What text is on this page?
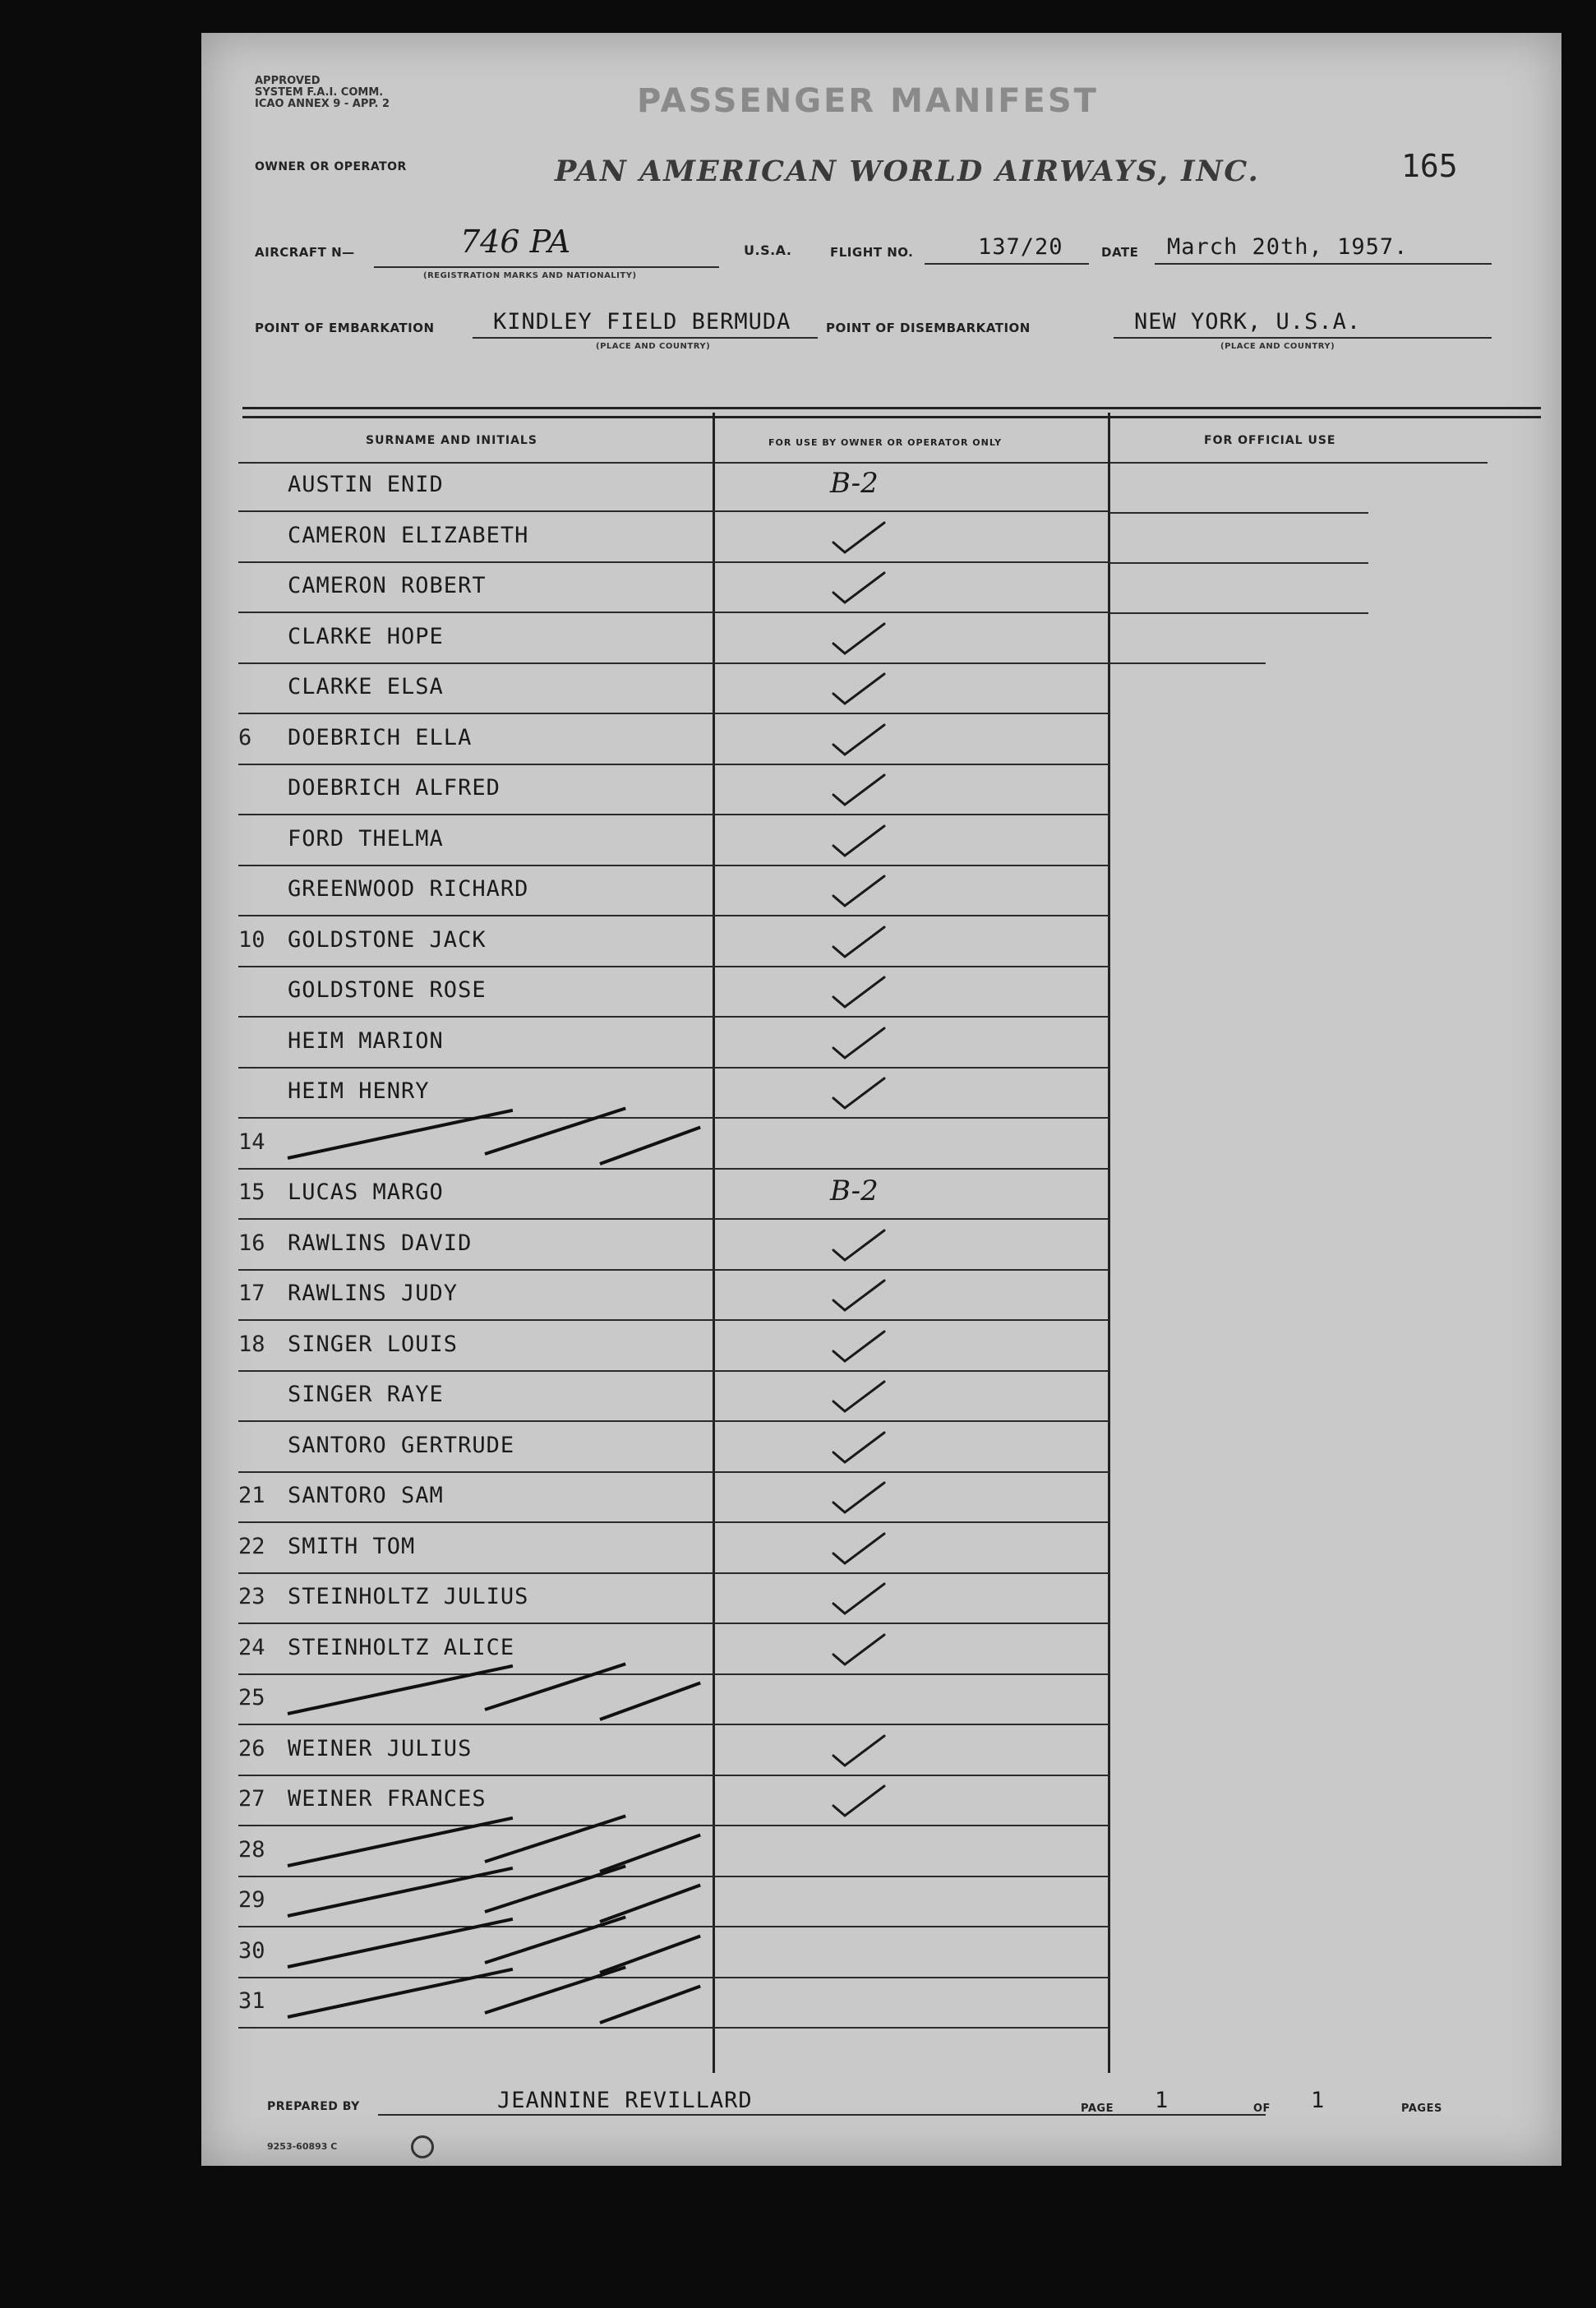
APPROVED
SYSTEM F.A.I. COMM.
ICAO ANNEX 9 - APP. 2	PASSENGER MANIFEST
165
OWNER OR OPERATOR	PAN AMERICAN WORLD AIRWAYS, INC.
AIRCRAFT N—	746 PA
(REGISTRATION MARKS AND NATIONALITY)
U.S.A.	FLIGHT NO.	137/20	DATE March 20th, 1957.
POINT OF EMBARKATION	KINDLEY FIELD BERMUDA
(PLACE AND COUNTRY)
POINT OF DISEMBARKATION	NEW YORK, U.S.A.
(PLACE AND COUNTRY)
SURNAME AND INITIALS	FOR USE BY OWNER OR OPERATOR ONLY	FOR OFFICIAL USE
AUSTIN ENID	B-2
CAMERON ELIZABETH
CAMERON ROBERT
CLARKE HOPE
CLARKE ELSA
6	DOEBRICH ELLA
DOEBRICH ALFRED
FORD THELMA
GREENWOOD RICHARD
10	GOLDSTONE JACK
GOLDSTONE ROSE
HEIM MARION
HEIM HENRY
14
15	LUCAS MARGO	B-2
16	RAWLINS DAVID
17	RAWLINS JUDY
18	SINGER LOUIS
SINGER RAYE
SANTORO GERTRUDE
21	SANTORO SAM
22	SMITH TOM
23	STEINHOLTZ JULIUS
24	STEINHOLTZ ALICE
25
26	WEINER JULIUS
27	WEINER FRANCES
28
29
30
31
PREPARED BY	JEANNINE REVILLARD	PAGE 1	OF 1	PAGES
9253-60893 C
